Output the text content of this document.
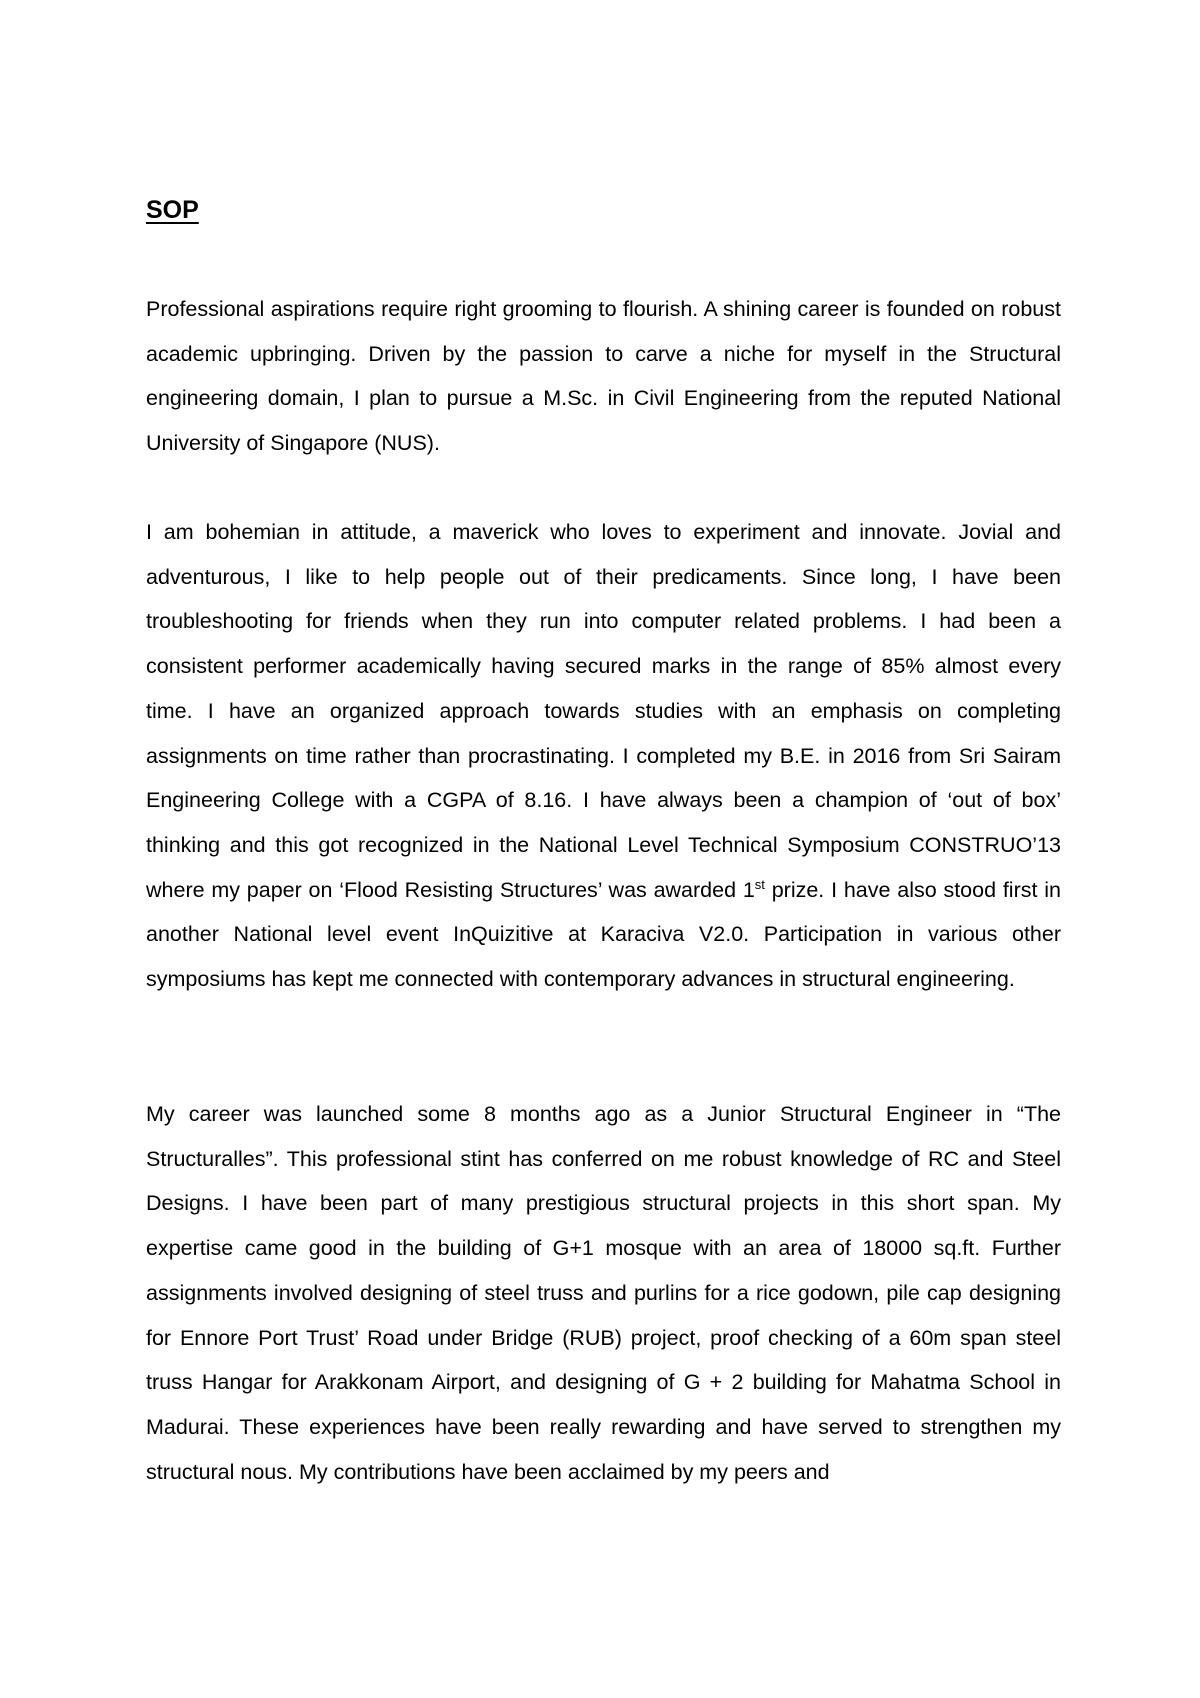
SOP

Professional aspirations require right grooming to flourish. A shining career is founded on robust academic upbringing. Driven by the passion to carve a niche for myself in the Structural engineering domain, I plan to pursue a M.Sc. in Civil Engineering from the reputed National University of Singapore (NUS).

I am bohemian in attitude, a maverick who loves to experiment and innovate. Jovial and adventurous, I like to help people out of their predicaments. Since long, I have been troubleshooting for friends when they run into computer related problems. I had been a consistent performer academically having secured marks in the range of 85% almost every time. I have an organized approach towards studies with an emphasis on completing assignments on time rather than procrastinating. I completed my B.E. in 2016 from Sri Sairam Engineering College with a CGPA of 8.16. I have always been a champion of ‘out of box’ thinking and this got recognized in the National Level Technical Symposium CONSTRUO’13 where my paper on ‘Flood Resisting Structures’ was awarded 1st prize. I have also stood first in another National level event InQuizitive at Karaciva V2.0. Participation in various other symposiums has kept me connected with contemporary advances in structural engineering.

My career was launched some 8 months ago as a Junior Structural Engineer in “The Structuralles”. This professional stint has conferred on me robust knowledge of RC and Steel Designs. I have been part of many prestigious structural projects in this short span. My expertise came good in the building of G+1 mosque with an area of 18000 sq.ft. Further assignments involved designing of steel truss and purlins for a rice godown, pile cap designing for Ennore Port Trust’ Road under Bridge (RUB) project, proof checking of a 60m span steel truss Hangar for Arakkonam Airport, and designing of G + 2 building for Mahatma School in Madurai. These experiences have been really rewarding and have served to strengthen my structural nous. My contributions have been acclaimed by my peers and
